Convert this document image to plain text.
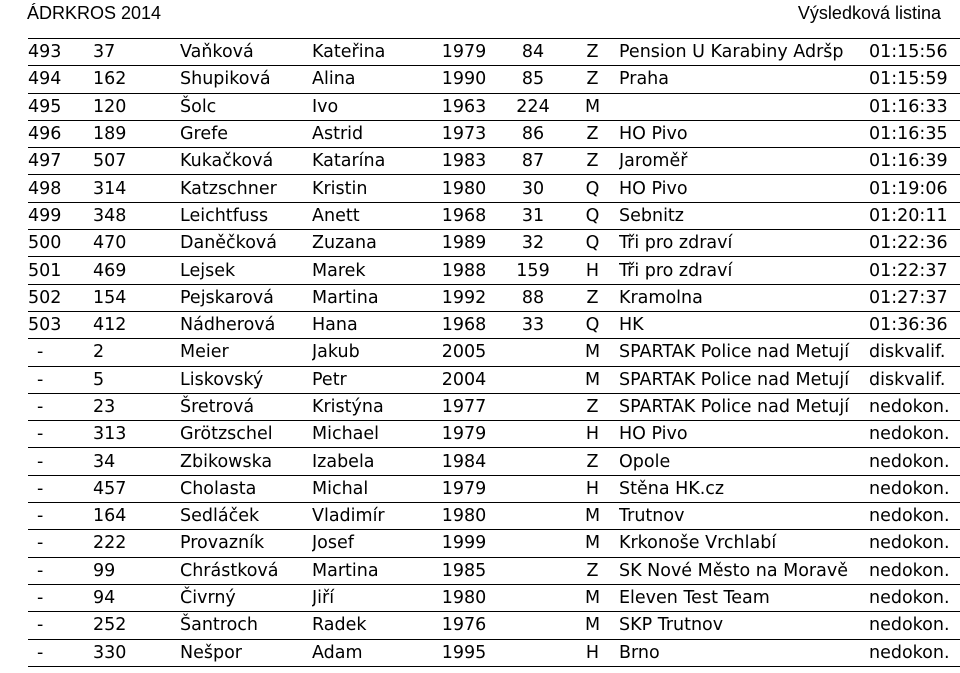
ÁDRKROS 2014	Výsledková listina
493	37	Vaňková	Kateřina	1979	84	Z	Pension U Karabiny Adršp	01:15:56
494	162	Shupiková	Alina	1990	85	Z	Praha	01:15:59
495	120	Šolc	Ivo	1963	224	M		01:16:33
496	189	Grefe	Astrid	1973	86	Z	HO Pivo	01:16:35
497	507	Kukačková	Katarína	1983	87	Z	Jaroměř	01:16:39
498	314	Katzschner	Kristin	1980	30	Q	HO Pivo	01:19:06
499	348	Leichtfuss	Anett	1968	31	Q	Sebnitz	01:20:11
500	470	Daněčková	Zuzana	1989	32	Q	Tři pro zdraví	01:22:36
501	469	Lejsek	Marek	1988	159	H	Tři pro zdraví	01:22:37
502	154	Pejskarová	Martina	1992	88	Z	Kramolna	01:27:37
503	412	Nádherová	Hana	1968	33	Q	HK	01:36:36
-	2	Meier	Jakub	2005		M	SPARTAK Police nad Metují	diskvalif.
-	5	Liskovský	Petr	2004		M	SPARTAK Police nad Metují	diskvalif.
-	23	Šretrová	Kristýna	1977		Z	SPARTAK Police nad Metují	nedokon.
-	313	Grötzschel	Michael	1979		H	HO Pivo	nedokon.
-	34	Zbikowska	Izabela	1984		Z	Opole	nedokon.
-	457	Cholasta	Michal	1979		H	Stěna HK.cz	nedokon.
-	164	Sedláček	Vladimír	1980		M	Trutnov	nedokon.
-	222	Provazník	Josef	1999		M	Krkonoše Vrchlabí	nedokon.
-	99	Chrástková	Martina	1985		Z	SK Nové Město na Moravě	nedokon.
-	94	Čivrný	Jiří	1980		M	Eleven Test Team	nedokon.
-	252	Šantroch	Radek	1976		M	SKP Trutnov	nedokon.
-	330	Nešpor	Adam	1995		H	Brno	nedokon.
